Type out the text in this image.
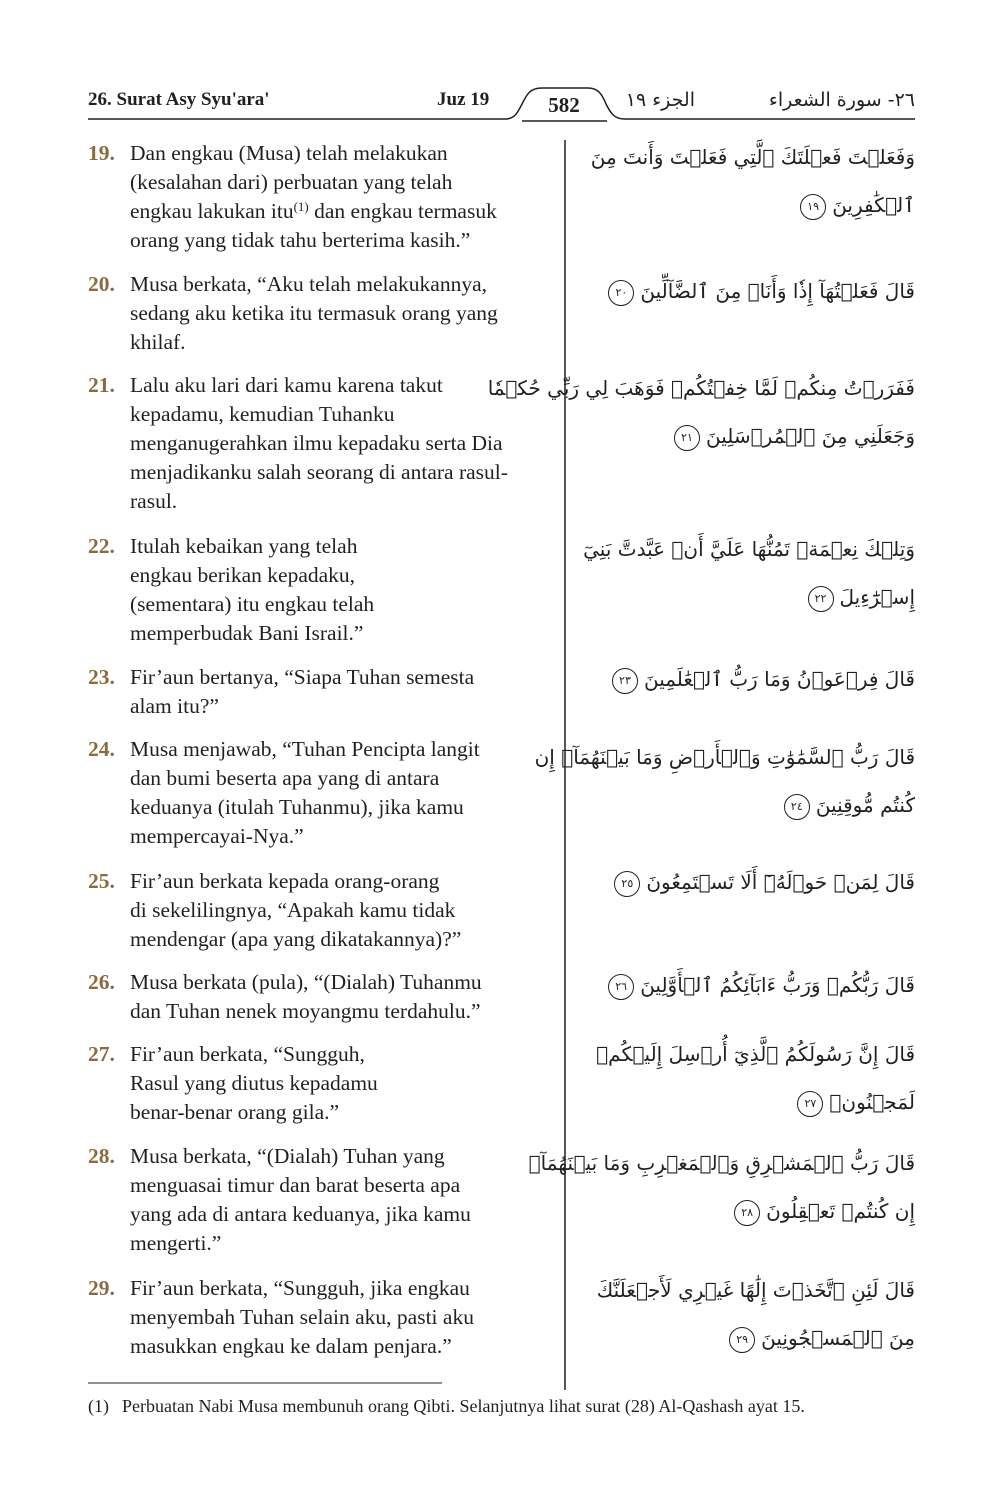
26. Surat Asy Syu'ara'	Juz 19	582	الجزء ١٩	٢٦- سورة الشعراء
19. Dan engkau (Musa) telah melakukan
(kesalahan dari) perbuatan yang telah
engkau lakukan itu$^{(1)}$ dan engkau termasuk
orang yang tidak tahu berterima kasih.”
وَفَعَلۡتَ فَعۡلَتَكَ ٱلَّتِي فَعَلۡتَ وَأَنتَ مِنَ
ٱلۡكَٰفِرِينَ١٩
20. Musa berkata, “Aku telah melakukannya,
sedang aku ketika itu termasuk orang yang
khilaf.
قَالَ فَعَلۡتُهَآ إِذٗا وَأَنَا۠ مِنَ ٱلضَّآلِّينَ٢٠
21. Lalu aku lari dari kamu karena takut
kepadamu, kemudian Tuhanku
menganugerahkan ilmu kepadaku serta Dia
menjadikanku salah seorang di antara rasul-
rasul.
فَفَرَرۡتُ مِنكُمۡ لَمَّا خِفۡتُكُمۡ فَوَهَبَ لِي رَبِّي حُكۡمٗا
وَجَعَلَنِي مِنَ ٱلۡمُرۡسَلِينَ٢١
22. Itulah kebaikan yang telah
engkau berikan kepadaku,
(sementara) itu engkau telah
memperbudak Bani Israil.”
وَتِلۡكَ نِعۡمَةٞ تَمُنُّهَا عَلَيَّ أَنۡ عَبَّدتَّ بَنِيٓ
إِسۡرَٰٓءِيلَ٢٢
23. Fir’aun bertanya, “Siapa Tuhan semesta
alam itu?”
قَالَ فِرۡعَوۡنُ وَمَا رَبُّ ٱلۡعَٰلَمِينَ٢٣
24. Musa menjawab, “Tuhan Pencipta langit
dan bumi beserta apa yang di antara
keduanya (itulah Tuhanmu), jika kamu
mempercayai-Nya.”
قَالَ رَبُّ ٱلسَّمَٰوَٰتِ وَٱلۡأَرۡضِ وَمَا بَيۡنَهُمَآۖ إِن
كُنتُم مُّوقِنِينَ٢٤
25. Fir’aun berkata kepada orang-orang
di sekelilingnya, “Apakah kamu tidak
mendengar (apa yang dikatakannya)?”
قَالَ لِمَنۡ حَوۡلَهُۥٓ أَلَا تَسۡتَمِعُونَ٢٥
26. Musa berkata (pula), “(Dialah) Tuhanmu
dan Tuhan nenek moyangmu terdahulu.”
قَالَ رَبُّكُمۡ وَرَبُّ ءَابَآئِكُمُ ٱلۡأَوَّلِينَ٢٦
27. Fir’aun berkata, “Sungguh,
Rasul yang diutus kepadamu
benar-benar orang gila.”
قَالَ إِنَّ رَسُولَكُمُ ٱلَّذِيٓ أُرۡسِلَ إِلَيۡكُمۡ
لَمَجۡنُونٞ٢٧
28. Musa berkata, “(Dialah) Tuhan yang
menguasai timur dan barat beserta apa
yang ada di antara keduanya, jika kamu
mengerti.”
قَالَ رَبُّ ٱلۡمَشۡرِقِ وَٱلۡمَغۡرِبِ وَمَا بَيۡنَهُمَآۖ
إِن كُنتُمۡ تَعۡقِلُونَ٢٨
29. Fir’aun berkata, “Sungguh, jika engkau
menyembah Tuhan selain aku, pasti aku
masukkan engkau ke dalam penjara.”
قَالَ لَئِنِ ٱتَّخَذۡتَ إِلَٰهًا غَيۡرِي لَأَجۡعَلَنَّكَ
مِنَ ٱلۡمَسۡجُونِينَ٢٩
(1) Perbuatan Nabi Musa membunuh orang Qibti. Selanjutnya lihat surat (28) Al-Qashash ayat 15.
